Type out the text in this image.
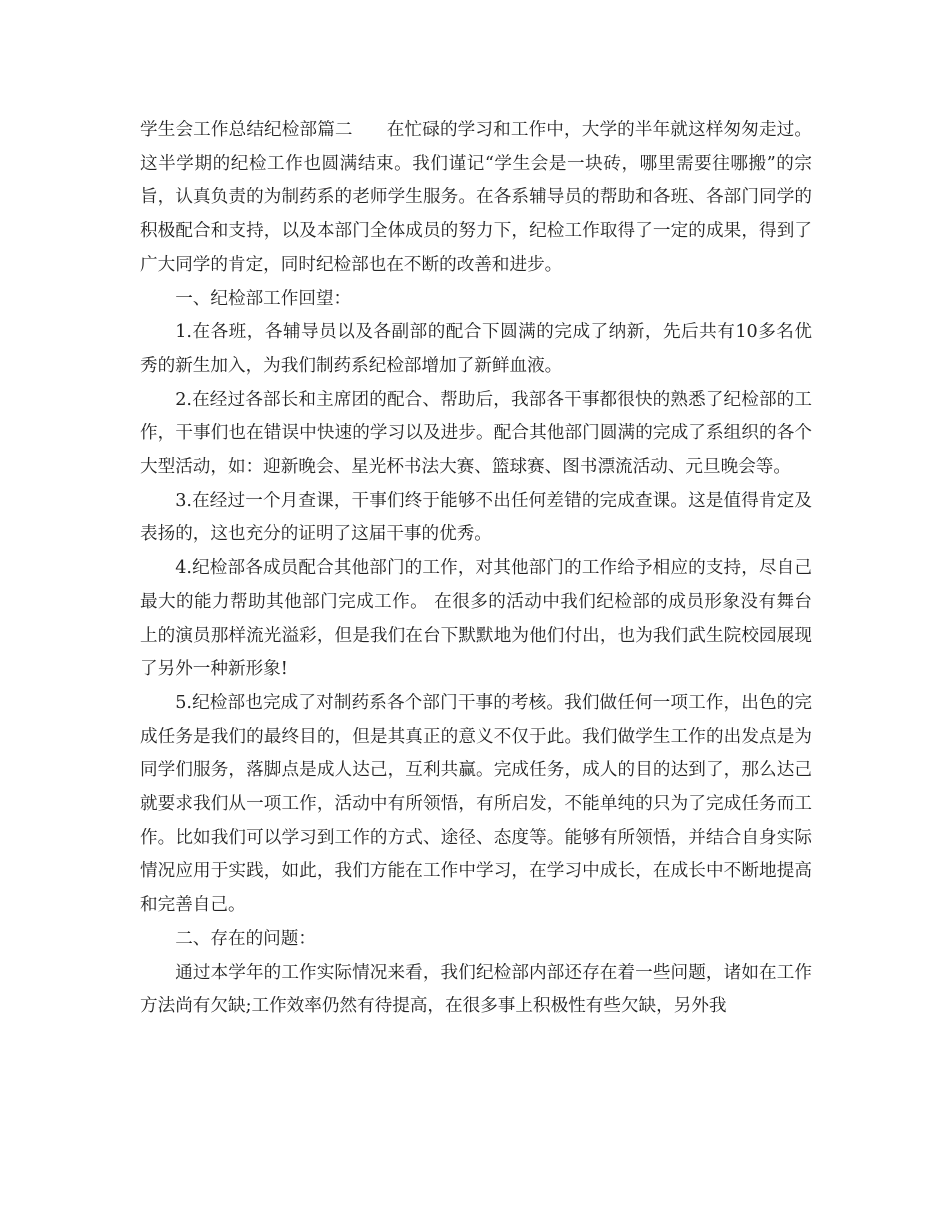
学生会工作总结纪检部篇二 在忙碌的学习和工作中，大学的半年就这样匆匆走过。这半学期的纪检工作也圆满结束。我们谨记“学生会是一块砖，哪里需要往哪搬”的宗旨，认真负责的为制药系的老师学生服务。在各系辅导员的帮助和各班、各部门同学的积极配合和支持，以及本部门全体成员的努力下，纪检工作取得了一定的成果，得到了广大同学的肯定，同时纪检部也在不断的改善和进步。

一、纪检部工作回望：

1.在各班，各辅导员以及各副部的配合下圆满的完成了纳新，先后共有10多名优秀的新生加入，为我们制药系纪检部增加了新鲜血液。

2.在经过各部长和主席团的配合、帮助后，我部各干事都很快的熟悉了纪检部的工作，干事们也在错误中快速的学习以及进步。配合其他部门圆满的完成了系组织的各个大型活动，如：迎新晚会、星光杯书法大赛、篮球赛、图书漂流活动、元旦晚会等。

3.在经过一个月查课，干事们终于能够不出任何差错的完成查课。这是值得肯定及表扬的，这也充分的证明了这届干事的优秀。

4.纪检部各成员配合其他部门的工作，对其他部门的工作给予相应的支持，尽自己最大的能力帮助其他部门完成工作。 在很多的活动中我们纪检部的成员形象没有舞台上的演员那样流光溢彩，但是我们在台下默默地为他们付出，也为我们武生院校园展现了另外一种新形象!

5.纪检部也完成了对制药系各个部门干事的考核。我们做任何一项工作，出色的完成任务是我们的最终目的，但是其真正的意义不仅于此。我们做学生工作的出发点是为同学们服务，落脚点是成人达己，互利共赢。完成任务，成人的目的达到了，那么达己就要求我们从一项工作，活动中有所领悟，有所启发，不能单纯的只为了完成任务而工作。比如我们可以学习到工作的方式、途径、态度等。能够有所领悟，并结合自身实际情况应用于实践，如此，我们方能在工作中学习，在学习中成长，在成长中不断地提高和完善自己。

二、存在的问题：

通过本学年的工作实际情况来看，我们纪检部内部还存在着一些问题，诸如在工作方法尚有欠缺;工作效率仍然有待提高，在很多事上积极性有些欠缺，另外我
